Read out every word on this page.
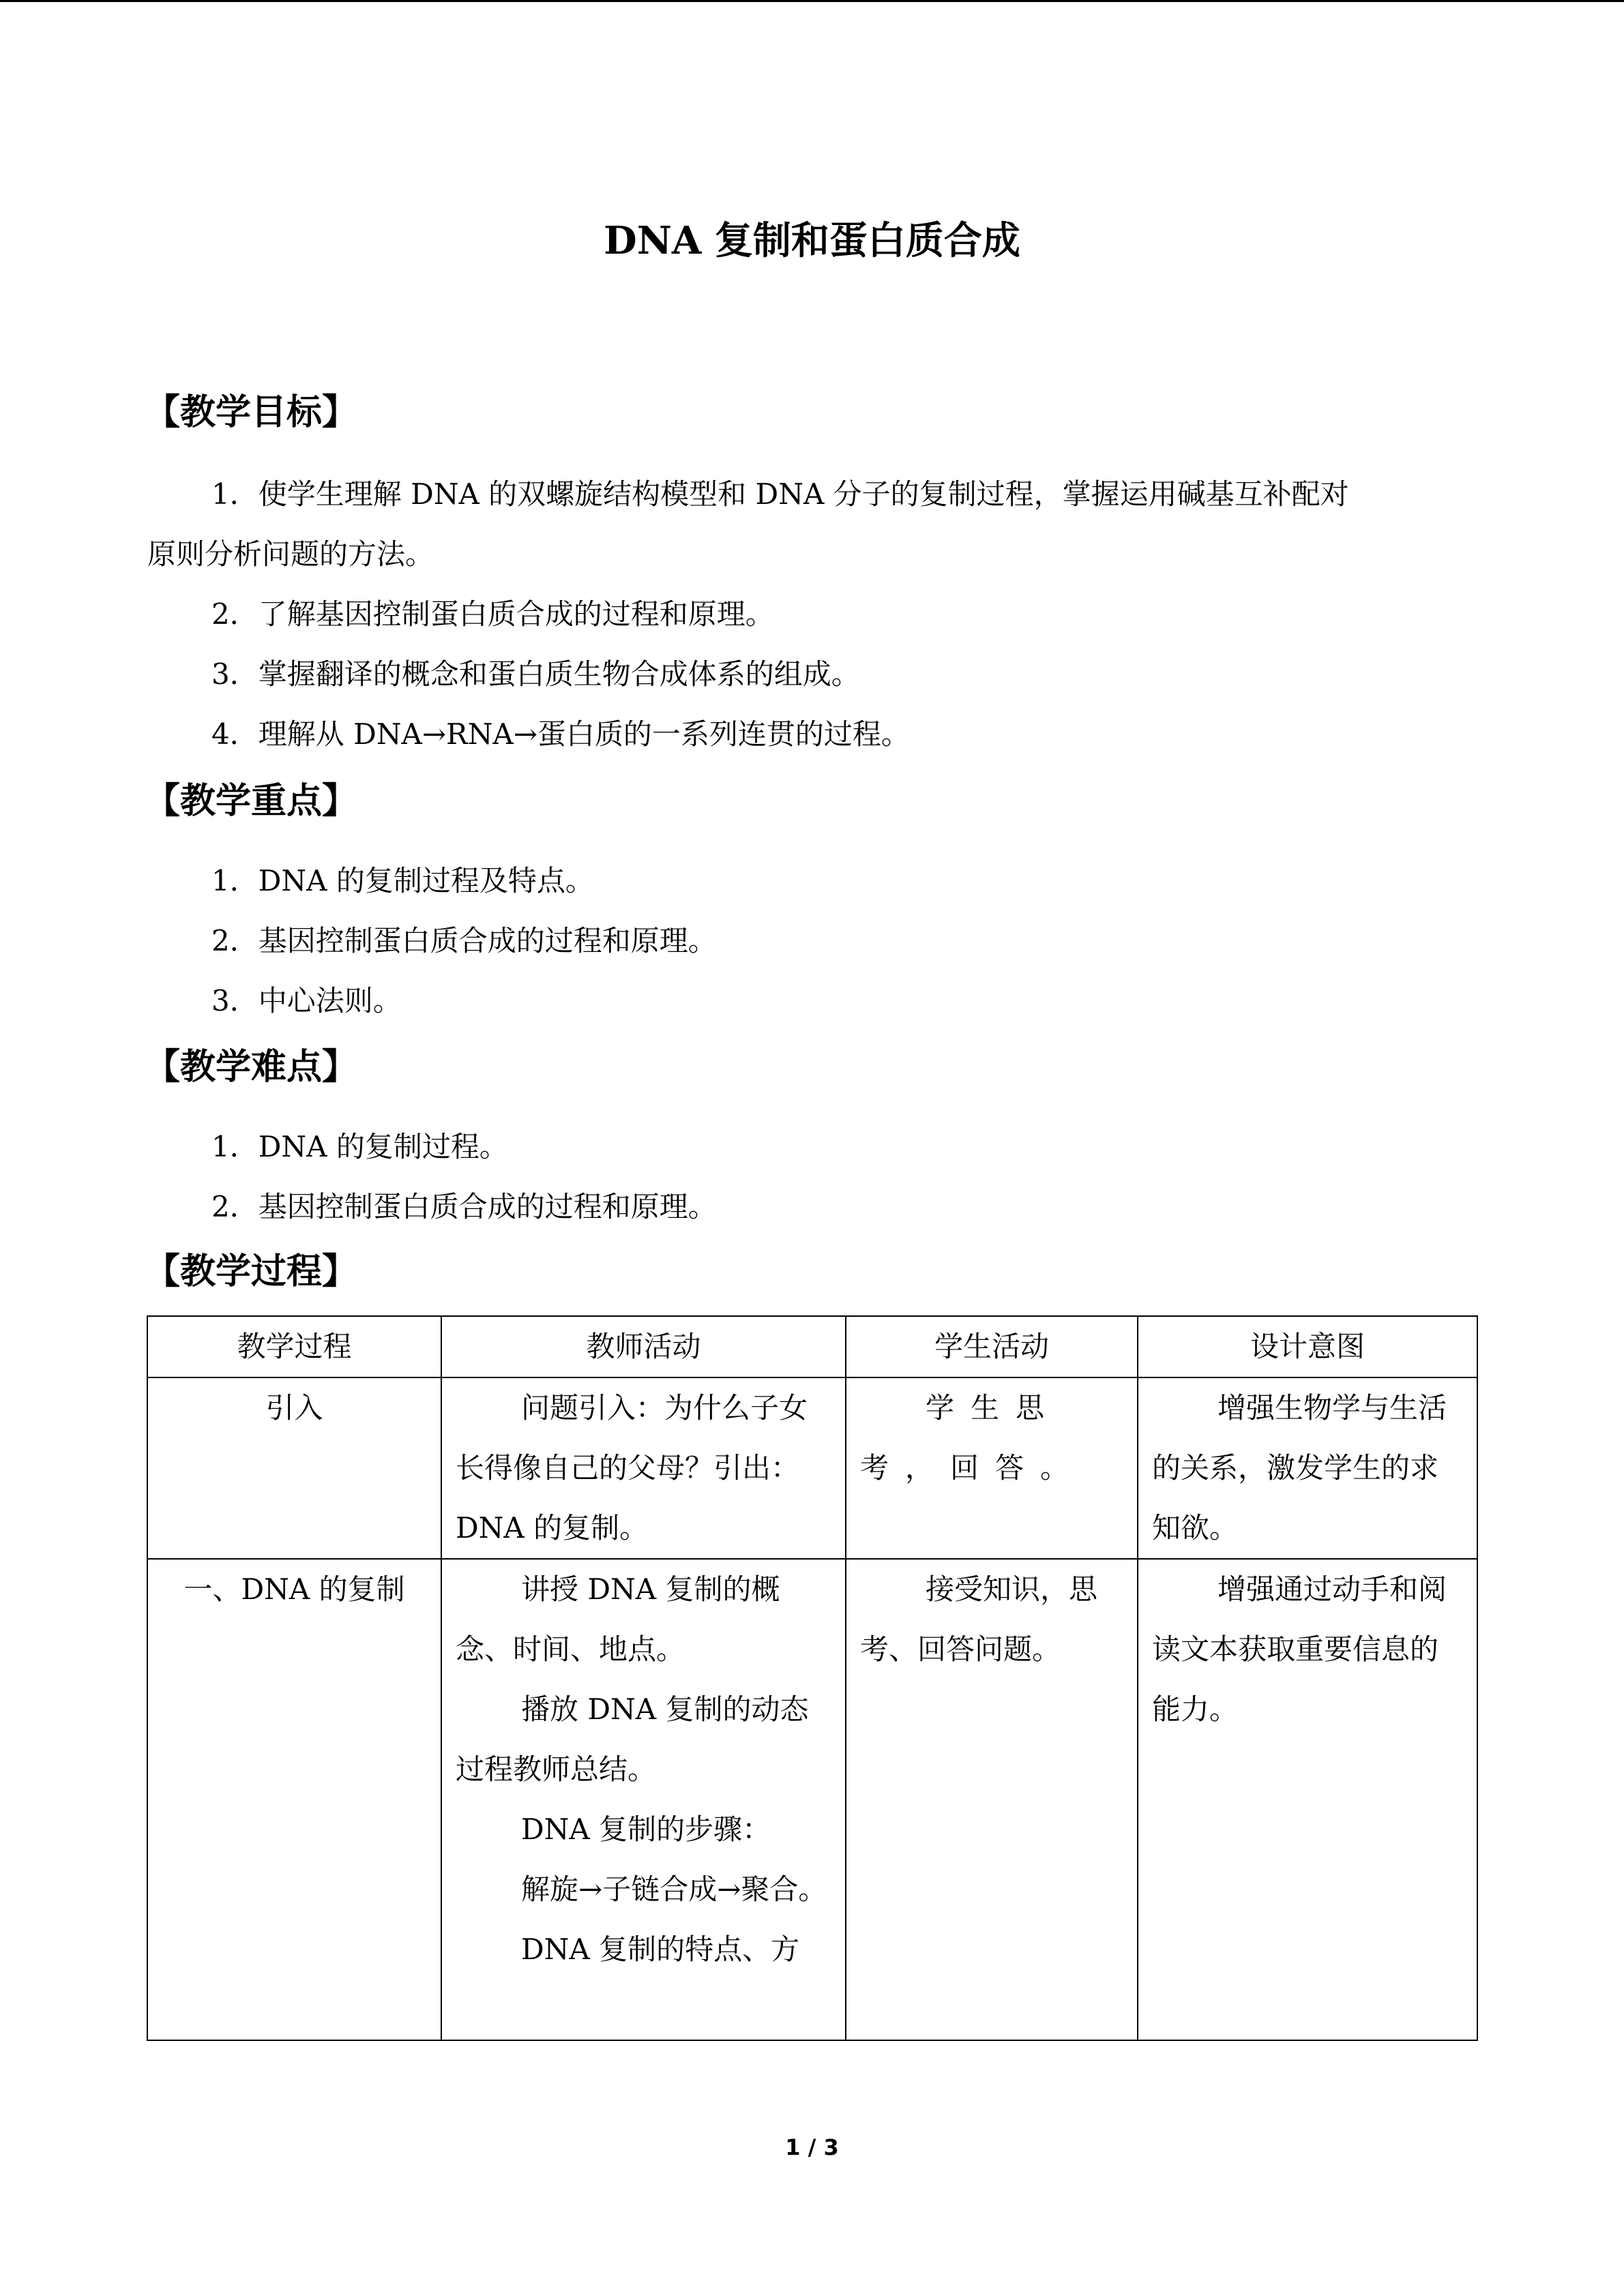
DNA 复制和蛋白质合成
【教学目标】
1．使学生理解 DNA 的双螺旋结构模型和 DNA 分子的复制过程，掌握运用碱基互补配对
原则分析问题的方法。
2．了解基因控制蛋白质合成的过程和原理。
3．掌握翻译的概念和蛋白质生物合成体系的组成。
4．理解从 DNA→RNA→蛋白质的一系列连贯的过程。
【教学重点】
1．DNA 的复制过程及特点。
2．基因控制蛋白质合成的过程和原理。
3．中心法则。
【教学难点】
1．DNA 的复制过程。
2．基因控制蛋白质合成的过程和原理。
【教学过程】
教学过程	教师活动	学生活动	设计意图
引入	问题引入：为什么子女长得像自己的父母？引出：DNA 的复制。	学生思考，回答。	增强生物学与生活的关系，激发学生的求知欲。

一、DNA 的复制	讲授 DNA 复制的概念、时间、地点。
播放 DNA 复制的动态过程教师总结。
DNA 复制的步骤：
解旋→子链合成→聚合。
DNA 复制的特点、方	接受知识，思考、回答问题。	增强通过动手和阅读文本获取重要信息的能力。
1 / 3
